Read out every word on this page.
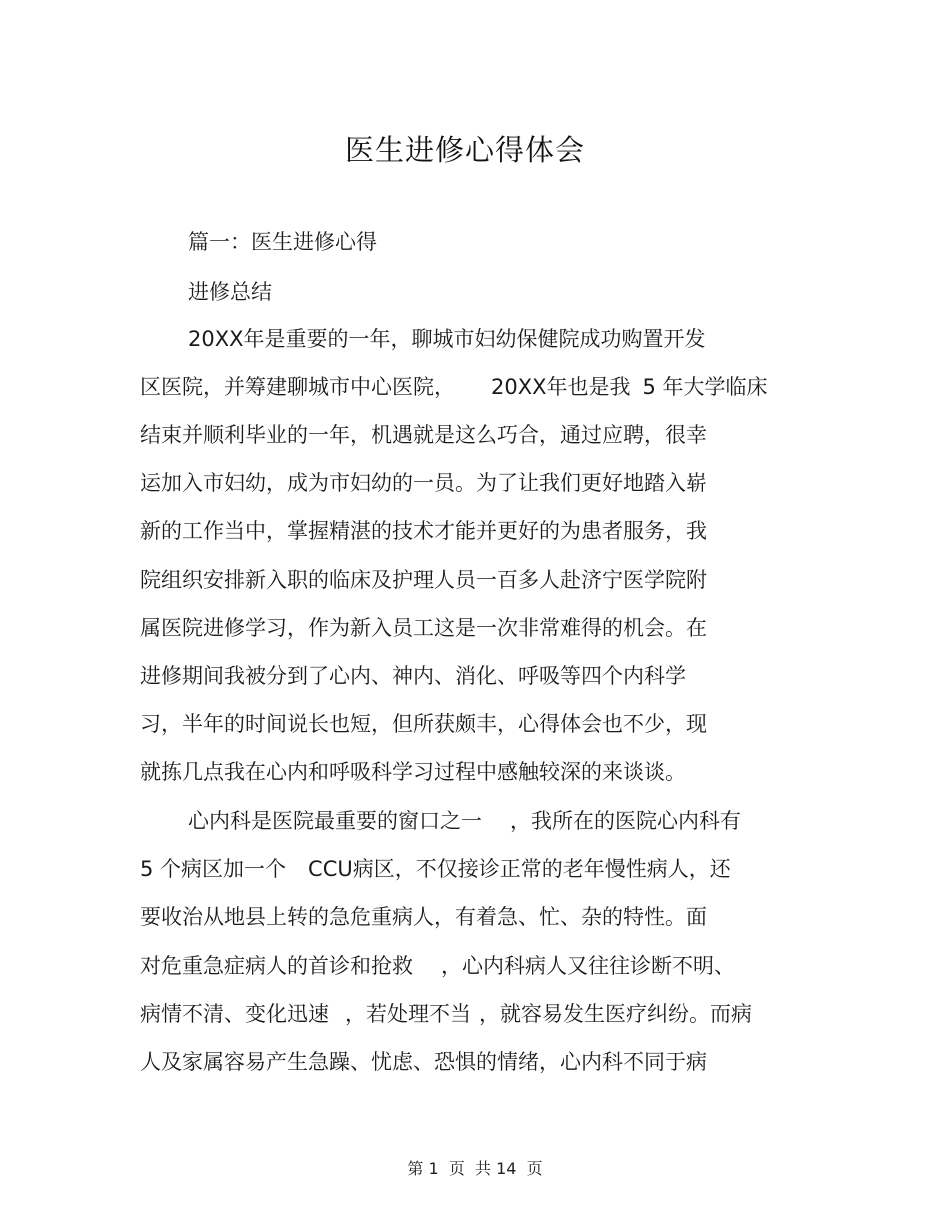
医生进修心得体会
篇一：医生进修心得
进修总结
20XX年是重要的一年，聊城市妇幼保健院成功购置开发
区医院，并筹建聊城市中心医院， 20XX年也是我 5 年大学临床
结束并顺利毕业的一年，机遇就是这么巧合，通过应聘，很幸
运加入市妇幼，成为市妇幼的一员。为了让我们更好地踏入崭
新的工作当中，掌握精湛的技术才能并更好的为患者服务，我
院组织安排新入职的临床及护理人员一百多人赴济宁医学院附
属医院进修学习，作为新入员工这是一次非常难得的机会。在
进修期间我被分到了心内、神内、消化、呼吸等四个内科学
习，半年的时间说长也短，但所获颇丰，心得体会也不少，现
就拣几点我在心内和呼吸科学习过程中感触较深的来谈谈。
心内科是医院最重要的窗口之一 ，我所在的医院心内科有
5 个病区加一个 CCU病区，不仅接诊正常的老年慢性病人，还
要收治从地县上转的急危重病人，有着急、忙、杂的特性。面
对危重急症病人的首诊和抢救 ，心内科病人又往往诊断不明、
病情不清、变化迅速 ，若处理不当 ，就容易发生医疗纠纷。而病
人及家属容易产生急躁、忧虑、恐惧的情绪，心内科不同于病
第 1  页  共 14  页
